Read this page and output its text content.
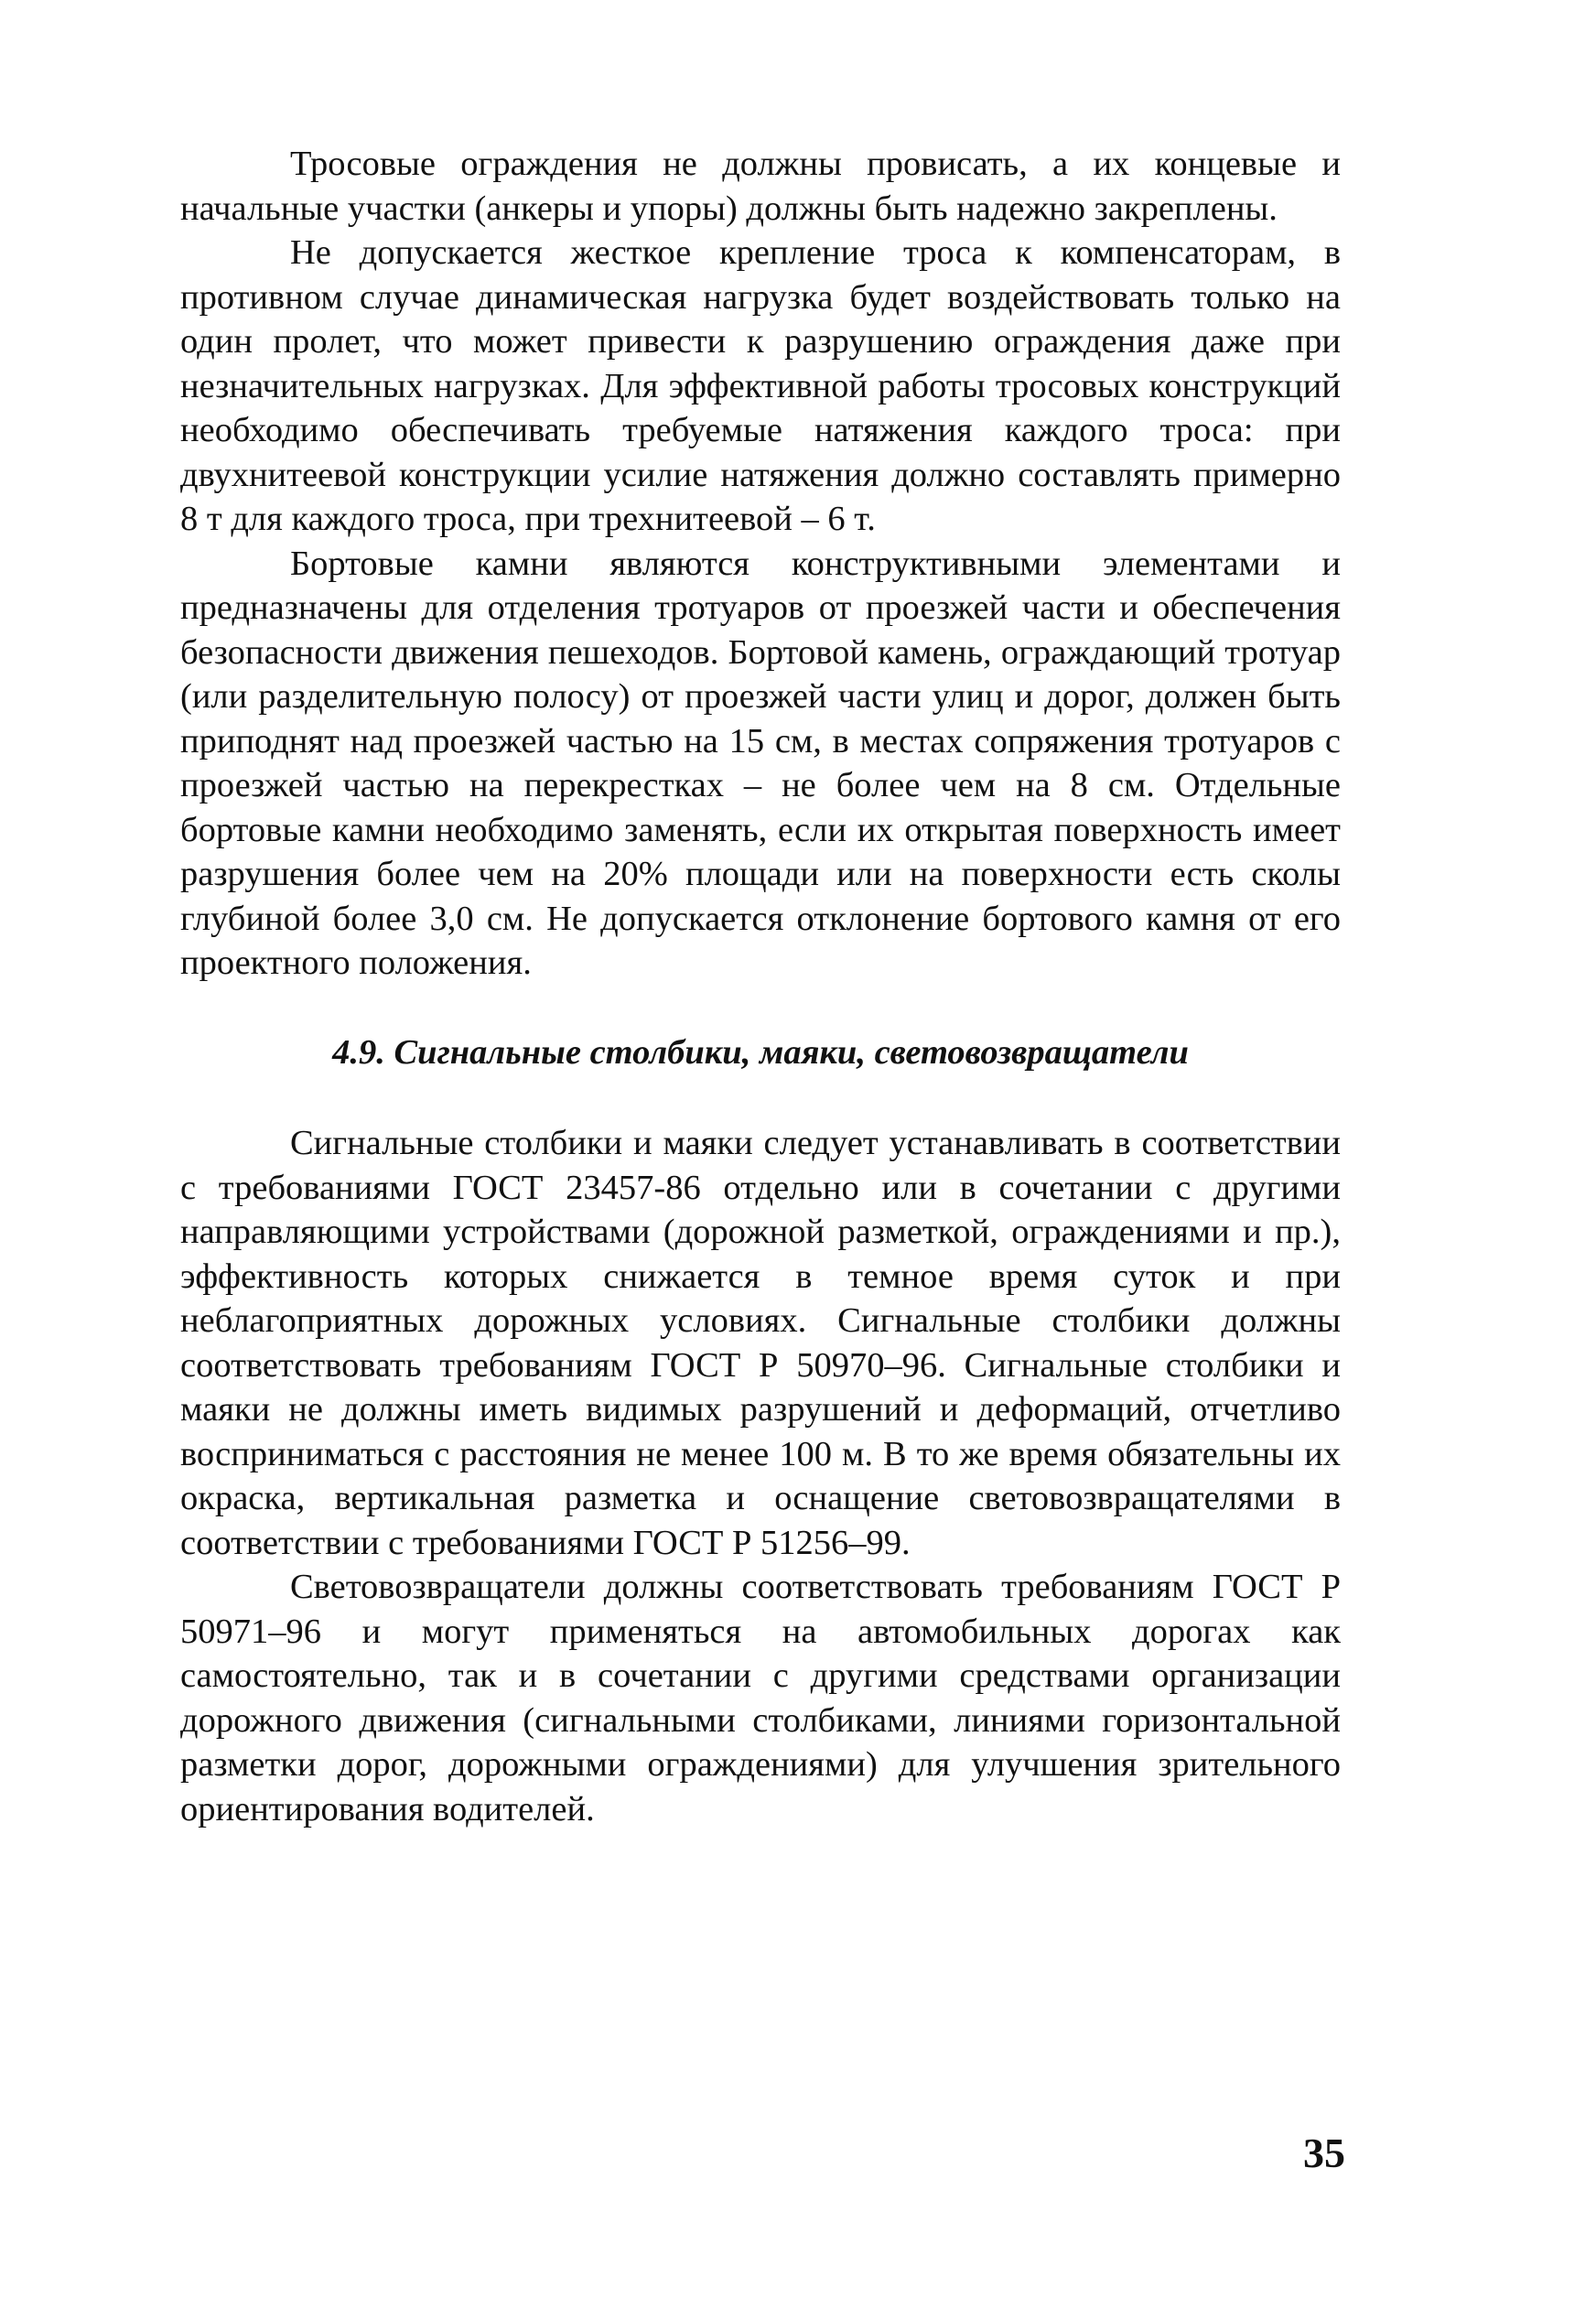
Тросовые ограждения не должны провисать, а их концевые и начальные участки (анкеры и упоры) должны быть надежно закреплены.

Не допускается жесткое крепление троса к компенсаторам, в противном случае динамическая нагрузка будет воздействовать только на один пролет, что может привести к разрушению ограждения даже при незначительных нагрузках. Для эффективной работы тросовых конструкций необходимо обеспечивать требуемые натяжения каждого троса: при двухнитеевой конструкции усилие натяжения должно составлять примерно 8 т для каждого троса, при трехнитеевой – 6 т.

Бортовые камни являются конструктивными элементами и предназначены для отделения тротуаров от проезжей части и обеспечения безопасности движения пешеходов. Бортовой камень, ограждающий тротуар (или разделительную полосу) от проезжей части улиц и дорог, должен быть приподнят над проезжей частью на 15 см, в местах сопряжения тротуаров с проезжей частью на перекрестках – не более чем на 8 см. Отдельные бортовые камни необходимо заменять, если их открытая поверхность имеет разрушения более чем на 20% площади или на поверхности есть сколы глубиной более 3,0 см. Не допускается отклонение бортового камня от его проектного положения.

4.9. Сигнальные столбики, маяки, световозвращатели

Сигнальные столбики и маяки следует устанавливать в соответствии с требованиями ГОСТ 23457-86 отдельно или в сочетании с другими направляющими устройствами (дорожной разметкой, ограждениями и пр.), эффективность которых снижается в темное время суток и при неблагоприятных дорожных условиях. Сигнальные столбики должны соответствовать требованиям ГОСТ Р 50970–96. Сигнальные столбики и маяки не должны иметь видимых разрушений и деформаций, отчетливо восприниматься с расстояния не менее 100 м. В то же время обязательны их окраска, вертикальная разметка и оснащение световозвращателями в соответствии с требованиями ГОСТ Р 51256–99.

Световозвращатели должны соответствовать требованиям ГОСТ Р 50971–96 и могут применяться на автомобильных дорогах как самостоятельно, так и в сочетании с другими средствами организации дорожного движения (сигнальными столбиками, линиями горизонтальной разметки дорог, дорожными ограждениями) для улучшения зрительного ориентирования водителей.

35
